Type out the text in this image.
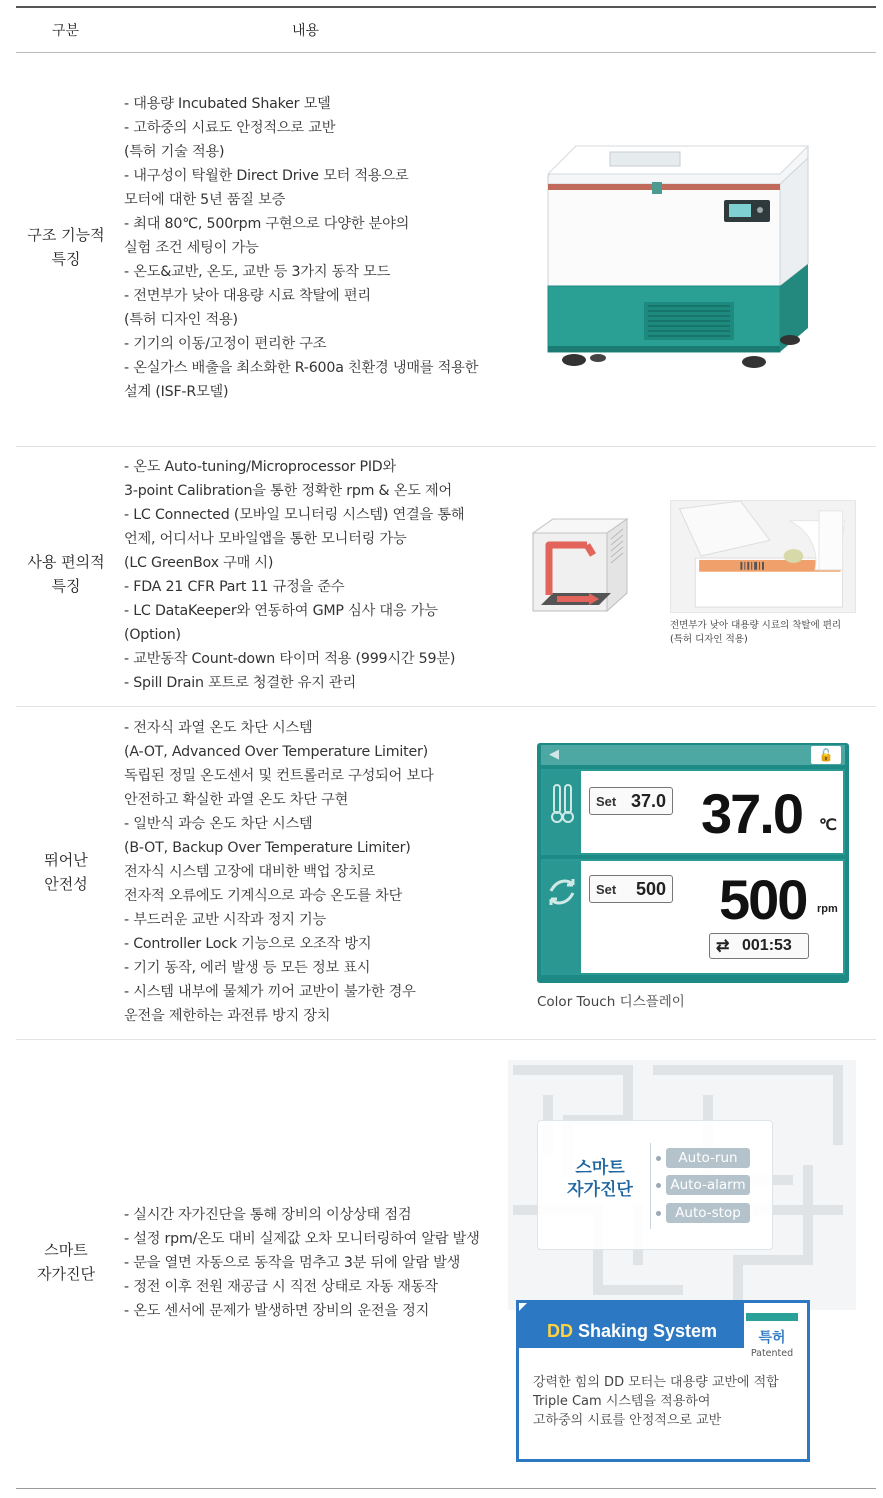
구분	내용
구조 기능적
특징
- 대용량 Incubated Shaker 모델
- 고하중의 시료도 안정적으로 교반
(특허 기술 적용)
- 내구성이 탁월한 Direct Drive 모터 적용으로
모터에 대한 5년 품질 보증
- 최대 80℃, 500rpm 구현으로 다양한 분야의
실험 조건 세팅이 가능
- 온도&교반, 온도, 교반 등 3가지 동작 모드
- 전면부가 낮아 대용량 시료 착탈에 편리
(특허 디자인 적용)
- 기기의 이동/고정이 편리한 구조
- 온실가스 배출을 최소화한 R-600a 친환경 냉매를 적용한
설계 (ISF-R모델)
사용 편의적
특징
- 온도 Auto-tuning/Microprocessor PID와
3-point Calibration을 통한 정확한 rpm & 온도 제어
- LC Connected (모바일 모니터링 시스템) 연결을 통해
언제, 어디서나 모바일앱을 통한 모니터링 가능
(LC GreenBox 구매 시)
- FDA 21 CFR Part 11 규정을 준수
- LC DataKeeper와 연동하여 GMP 심사 대응 가능
(Option)
- 교반동작 Count-down 타이머 적용 (999시간 59분)
- Spill Drain 포트로 청결한 유지 관리
전면부가 낮아 대용량 시료의 착탈에 편리
(특허 디자인 적용)
뛰어난
안전성
- 전자식 과열 온도 차단 시스템
(A-OT, Advanced Over Temperature Limiter)
독립된 정밀 온도센서 및 컨트롤러로 구성되어 보다
안전하고 확실한 과열 온도 차단 구현
- 일반식 과승 온도 차단 시스템
(B-OT, Backup Over Temperature Limiter)
전자식 시스템 고장에 대비한 백업 장치로
전자적 오류에도 기계식으로 과승 온도를 차단
- 부드러운 교반 시작과 정지 기능
- Controller Lock 기능으로 오조작 방지
- 기기 동작, 에러 발생 등 모든 정보 표시
- 시스템 내부에 물체가 끼어 교반이 불가한 경우
운전을 제한하는 과전류 방지 장치
◀	🔓
Set 37.0 37.0 ℃
Set 500 500 rpm
⇄ 001:53
Color Touch 디스플레이
스마트
자가진단
- 실시간 자가진단을 통해 장비의 이상상태 점검
- 설정 rpm/온도 대비 실제값 오차 모니터링하여 알람 발생
- 문을 열면 자동으로 동작을 멈추고 3분 뒤에 알람 발생
- 정전 이후 전원 재공급 시 직전 상태로 자동 재동작
- 온도 센서에 문제가 발생하면 장비의 운전을 정지
스마트
자가진단
Auto-run
Auto-alarm
Auto-stop
DD Shaking System	특허
Patented
강력한 힘의 DD 모터는 대용량 교반에 적합
Triple Cam 시스템을 적용하여
고하중의 시료를 안정적으로 교반
